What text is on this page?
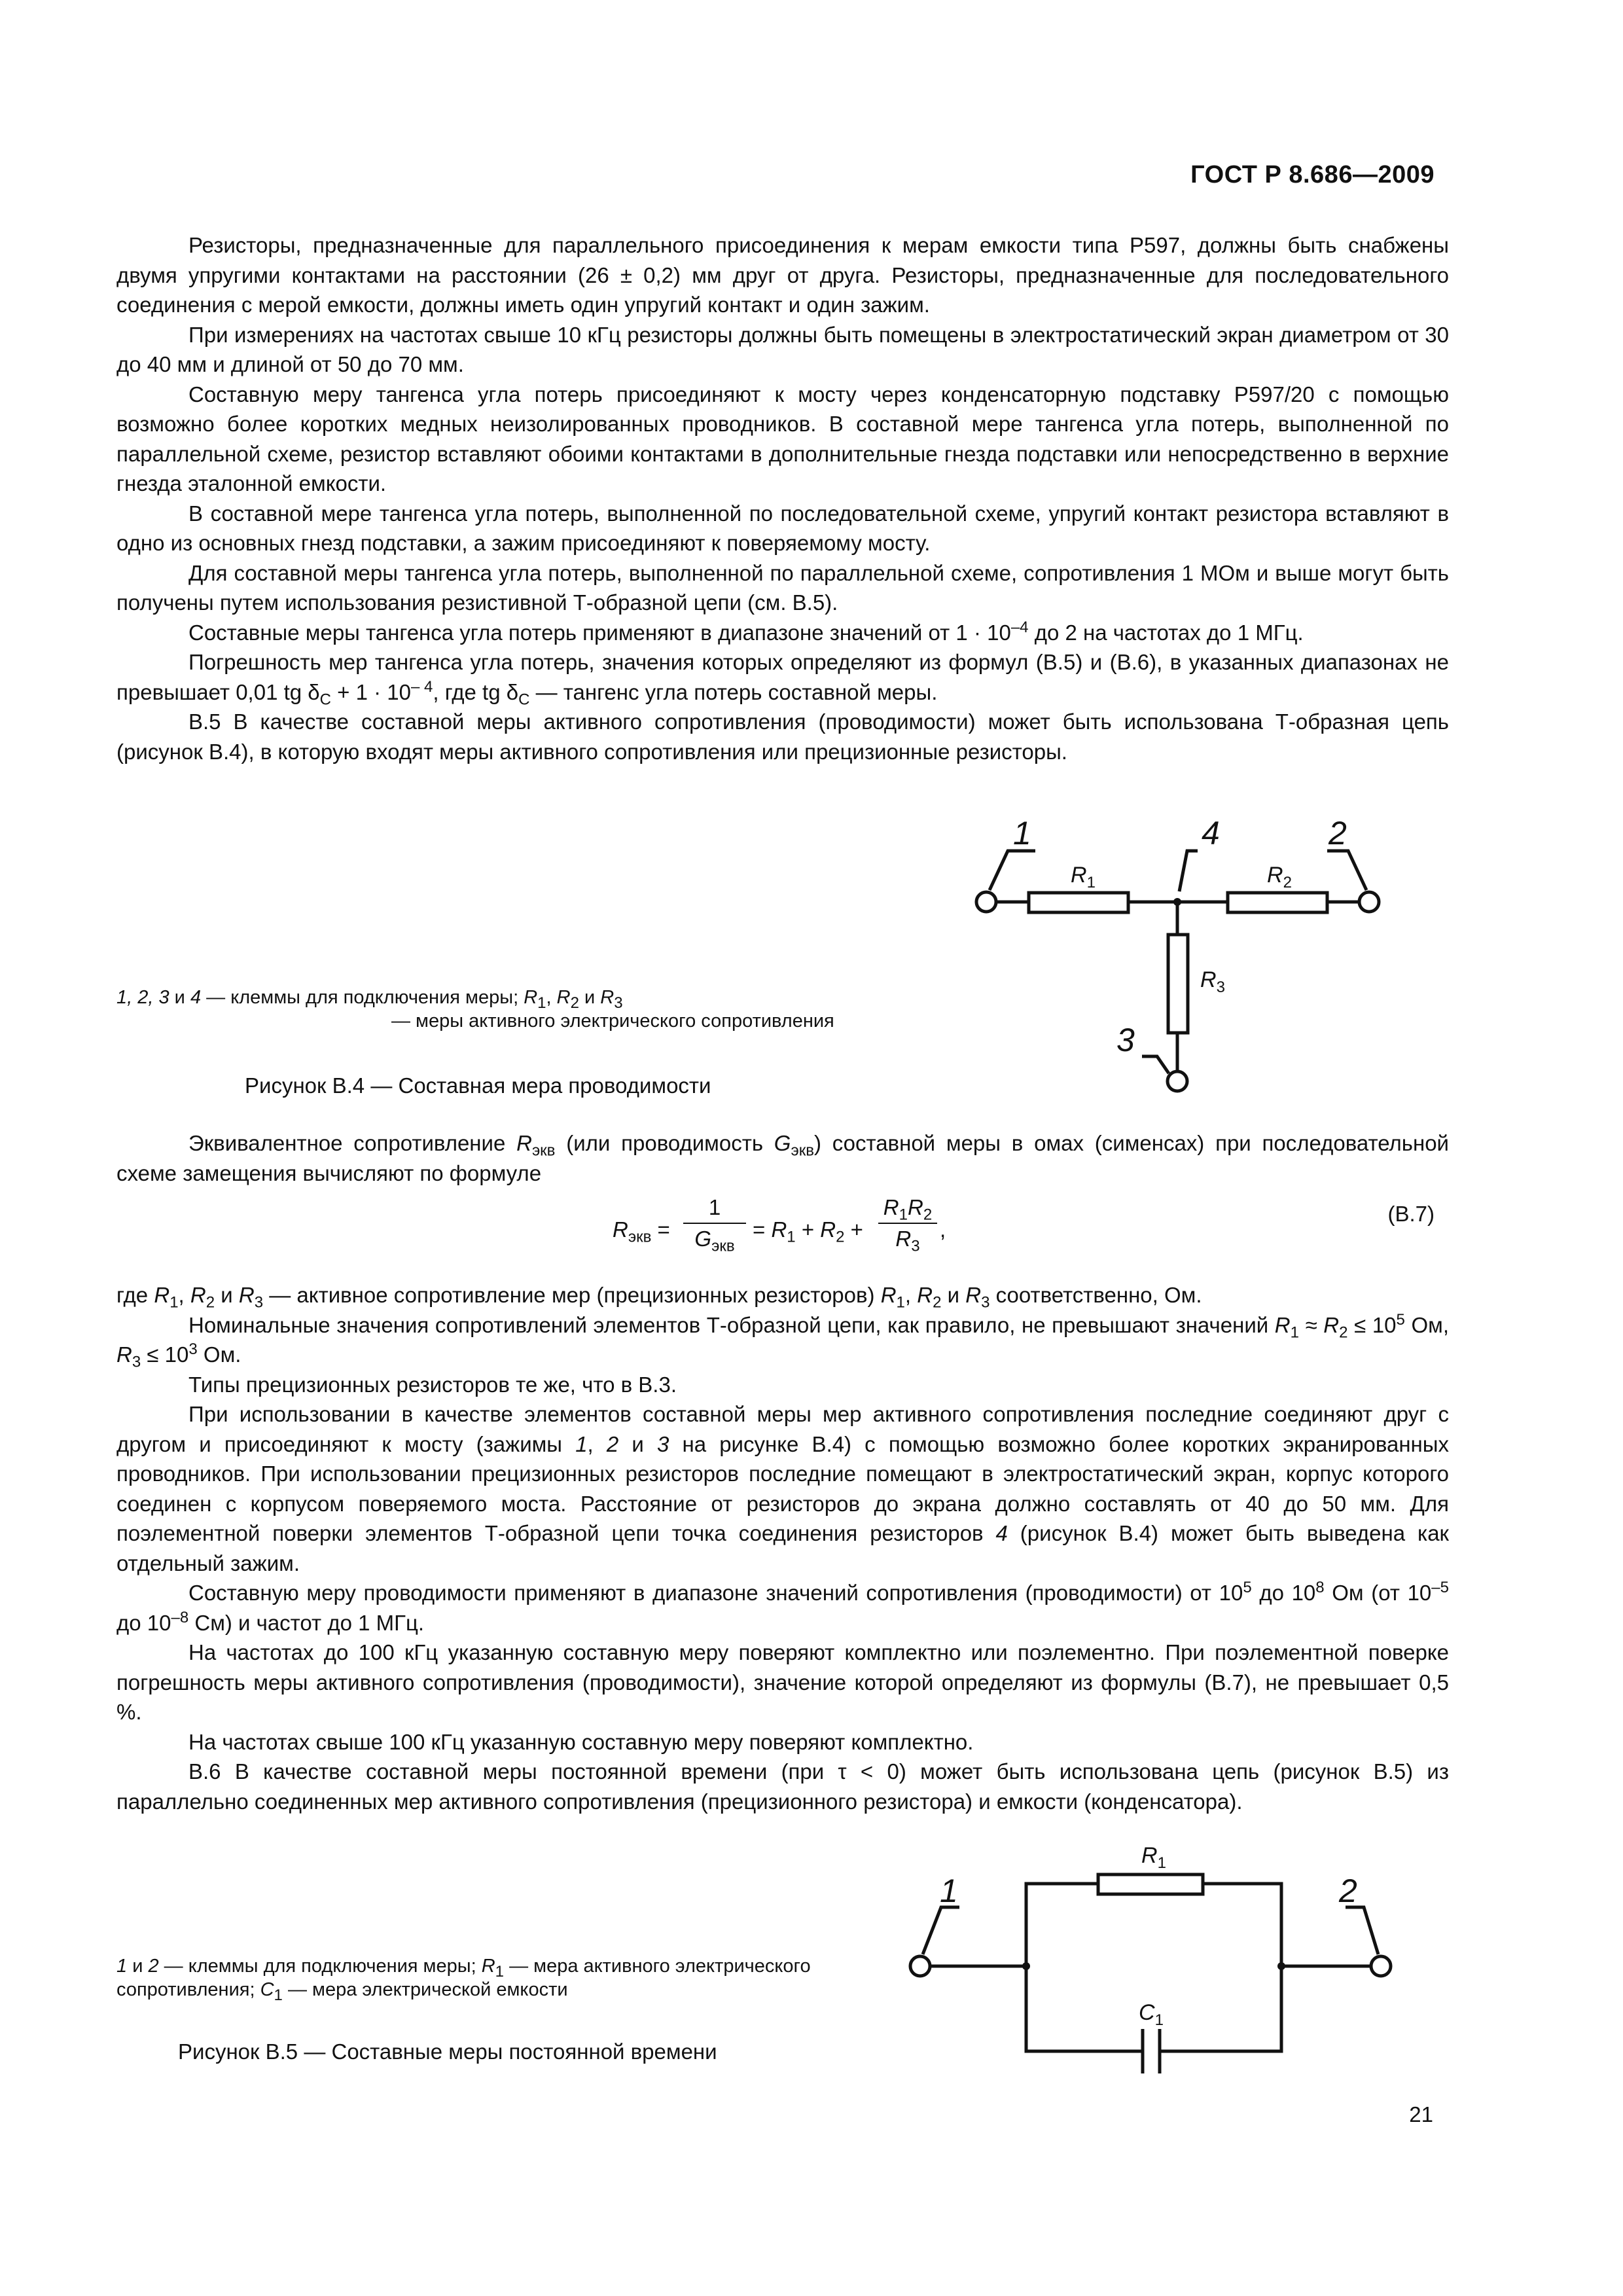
ГОСТ Р 8.686—2009

Резисторы, предназначенные для параллельного присоединения к мерам емкости типа Р597, должны быть снабжены двумя упругими контактами на расстоянии (26 ± 0,2) мм друг от друга. Резисторы, предназначенные для последовательного соединения с мерой емкости, должны иметь один упругий контакт и один зажим.

При измерениях на частотах свыше 10 кГц резисторы должны быть помещены в электростатический экран диаметром от 30 до 40 мм и длиной от 50 до 70 мм.

Составную меру тангенса угла потерь присоединяют к мосту через конденсаторную подставку Р597/20 с помощью возможно более коротких медных неизолированных проводников. В составной мере тангенса угла потерь, выполненной по параллельной схеме, резистор вставляют обоими контактами в дополнительные гнезда подставки или непосредственно в верхние гнезда эталонной емкости.

В составной мере тангенса угла потерь, выполненной по последовательной схеме, упругий контакт резистора вставляют в одно из основных гнезд подставки, а зажим присоединяют к поверяемому мосту.

Для составной меры тангенса угла потерь, выполненной по параллельной схеме, сопротивления 1 МОм и выше могут быть получены путем использования резистивной Т-образной цепи (см. В.5).

Составные меры тангенса угла потерь применяют в диапазоне значений от $1 \cdot 10^{-4}$ до 2 на частотах до 1 МГц.

Погрешность мер тангенса угла потерь, значения которых определяют из формул (В.5) и (В.6), в указанных диапазонах не превышает 0,01 tg $\delta_C + 1 \cdot 10^{- 4}$, где tg $\delta_C$ — тангенс угла потерь составной меры.

В.5 В качестве составной меры активного сопротивления (проводимости) может быть использована Т-образная цепь (рисунок В.4), в которую входят меры активного сопротивления или прецизионные резисторы.

1, 2, 3 и 4 — клеммы для подключения меры; $R_1$, $R_2$ и $R_3$
— меры активного электрического сопротивления
Рисунок В.4 — Составная мера проводимости

Эквивалентное сопротивление $R_{экв}$ (или проводимость $G_{экв}$) составной меры в омах (сименсах) при последовательной схеме замещения вычисляют по формуле

$R_{экв}$ =
1
$G_{экв}$
= $R_1 + R_2$ +
$R_1R_2$
$R_3$
,
(В.7)

где $R_1$, $R_2$ и $R_3$ — активное сопротивление мер (прецизионных резисторов) $R_1$, $R_2$ и $R_3$ соответственно, Ом.

Номинальные значения сопротивлений элементов Т-образной цепи, как правило, не превышают значений $R_1 \approx R_2 \le 10^5$ Ом, $R_3 \le 10^3$ Ом.

Типы прецизионных резисторов те же, что в В.3.

При использовании в качестве элементов составной меры мер активного сопротивления последние соединяют друг с другом и присоединяют к мосту (зажимы 1, 2 и 3 на рисунке В.4) с помощью возможно более коротких экранированных проводников. При использовании прецизионных резисторов последние помещают в электростатический экран, корпус которого соединен с корпусом поверяемого моста. Расстояние от резисторов до экрана должно составлять от 40 до 50 мм. Для поэлементной поверки элементов Т-образной цепи точка соединения резисторов 4 (рисунок В.4) может быть выведена как отдельный зажим.

Составную меру проводимости применяют в диапазоне значений сопротивления (проводимости) от $10^5$ до $10^8$ Ом (от $10^{-5}$ до $10^{-8}$ См) и частот до 1 МГц.

На частотах до 100 кГц указанную составную меру поверяют комплектно или поэлементно. При поэлементной поверке погрешность меры активного сопротивления (проводимости), значение которой определяют из формулы (В.7), не превышает 0,5 %.

На частотах свыше 100 кГц указанную составную меру поверяют комплектно.

В.6 В качестве составной меры постоянной времени (при τ < 0) может быть использована цепь (рисунок В.5) из параллельно соединенных мер активного сопротивления (прецизионного резистора) и емкости (конденсатора).

1 и 2 — клеммы для подключения меры; $R_1$ — мера активного электрического сопротивления; $C_1$ — мера электрической емкости
Рисунок В.5 — Составные меры постоянной времени
21
1	2
4
3
$R_1$	$R_2$
$R_3$
1	2
$R_1$
$C_1$
